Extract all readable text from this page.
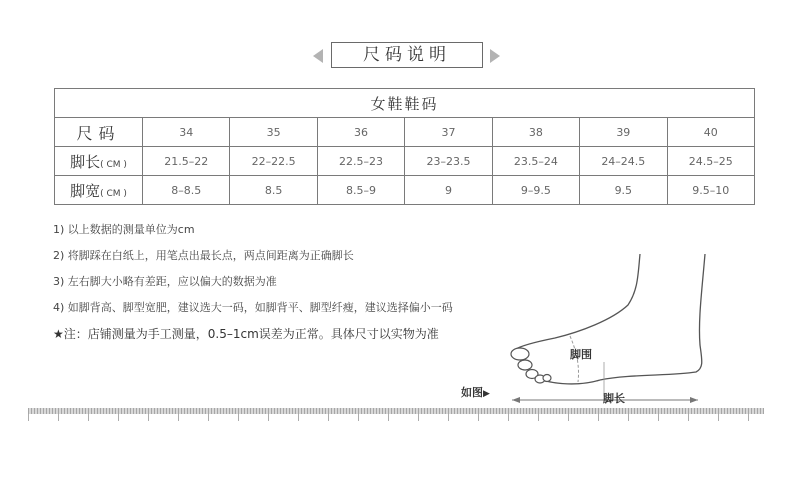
尺码说明
女鞋鞋码							
尺码	34	35	36	37	38	39	40
脚长( CM )	21.5–22	22–22.5	22.5–23	23–23.5	23.5–24	24–24.5	24.5–25
脚宽( CM )	8–8.5	8.5	8.5–9	9	9–9.5	9.5	9.5–10
1) 以上数据的测量单位为cm
2) 将脚踩在白纸上，用笔点出最长点，两点间距离为正确脚长
3) 左右脚大小略有差距，应以偏大的数据为准
4) 如脚背高、脚型宽肥，建议选大一码，如脚背平、脚型纤瘦，建议选择偏小一码
★注：店铺测量为手工测量，0.5–1cm误差为正常。具体尺寸以实物为准
脚围
脚长
如图▶
